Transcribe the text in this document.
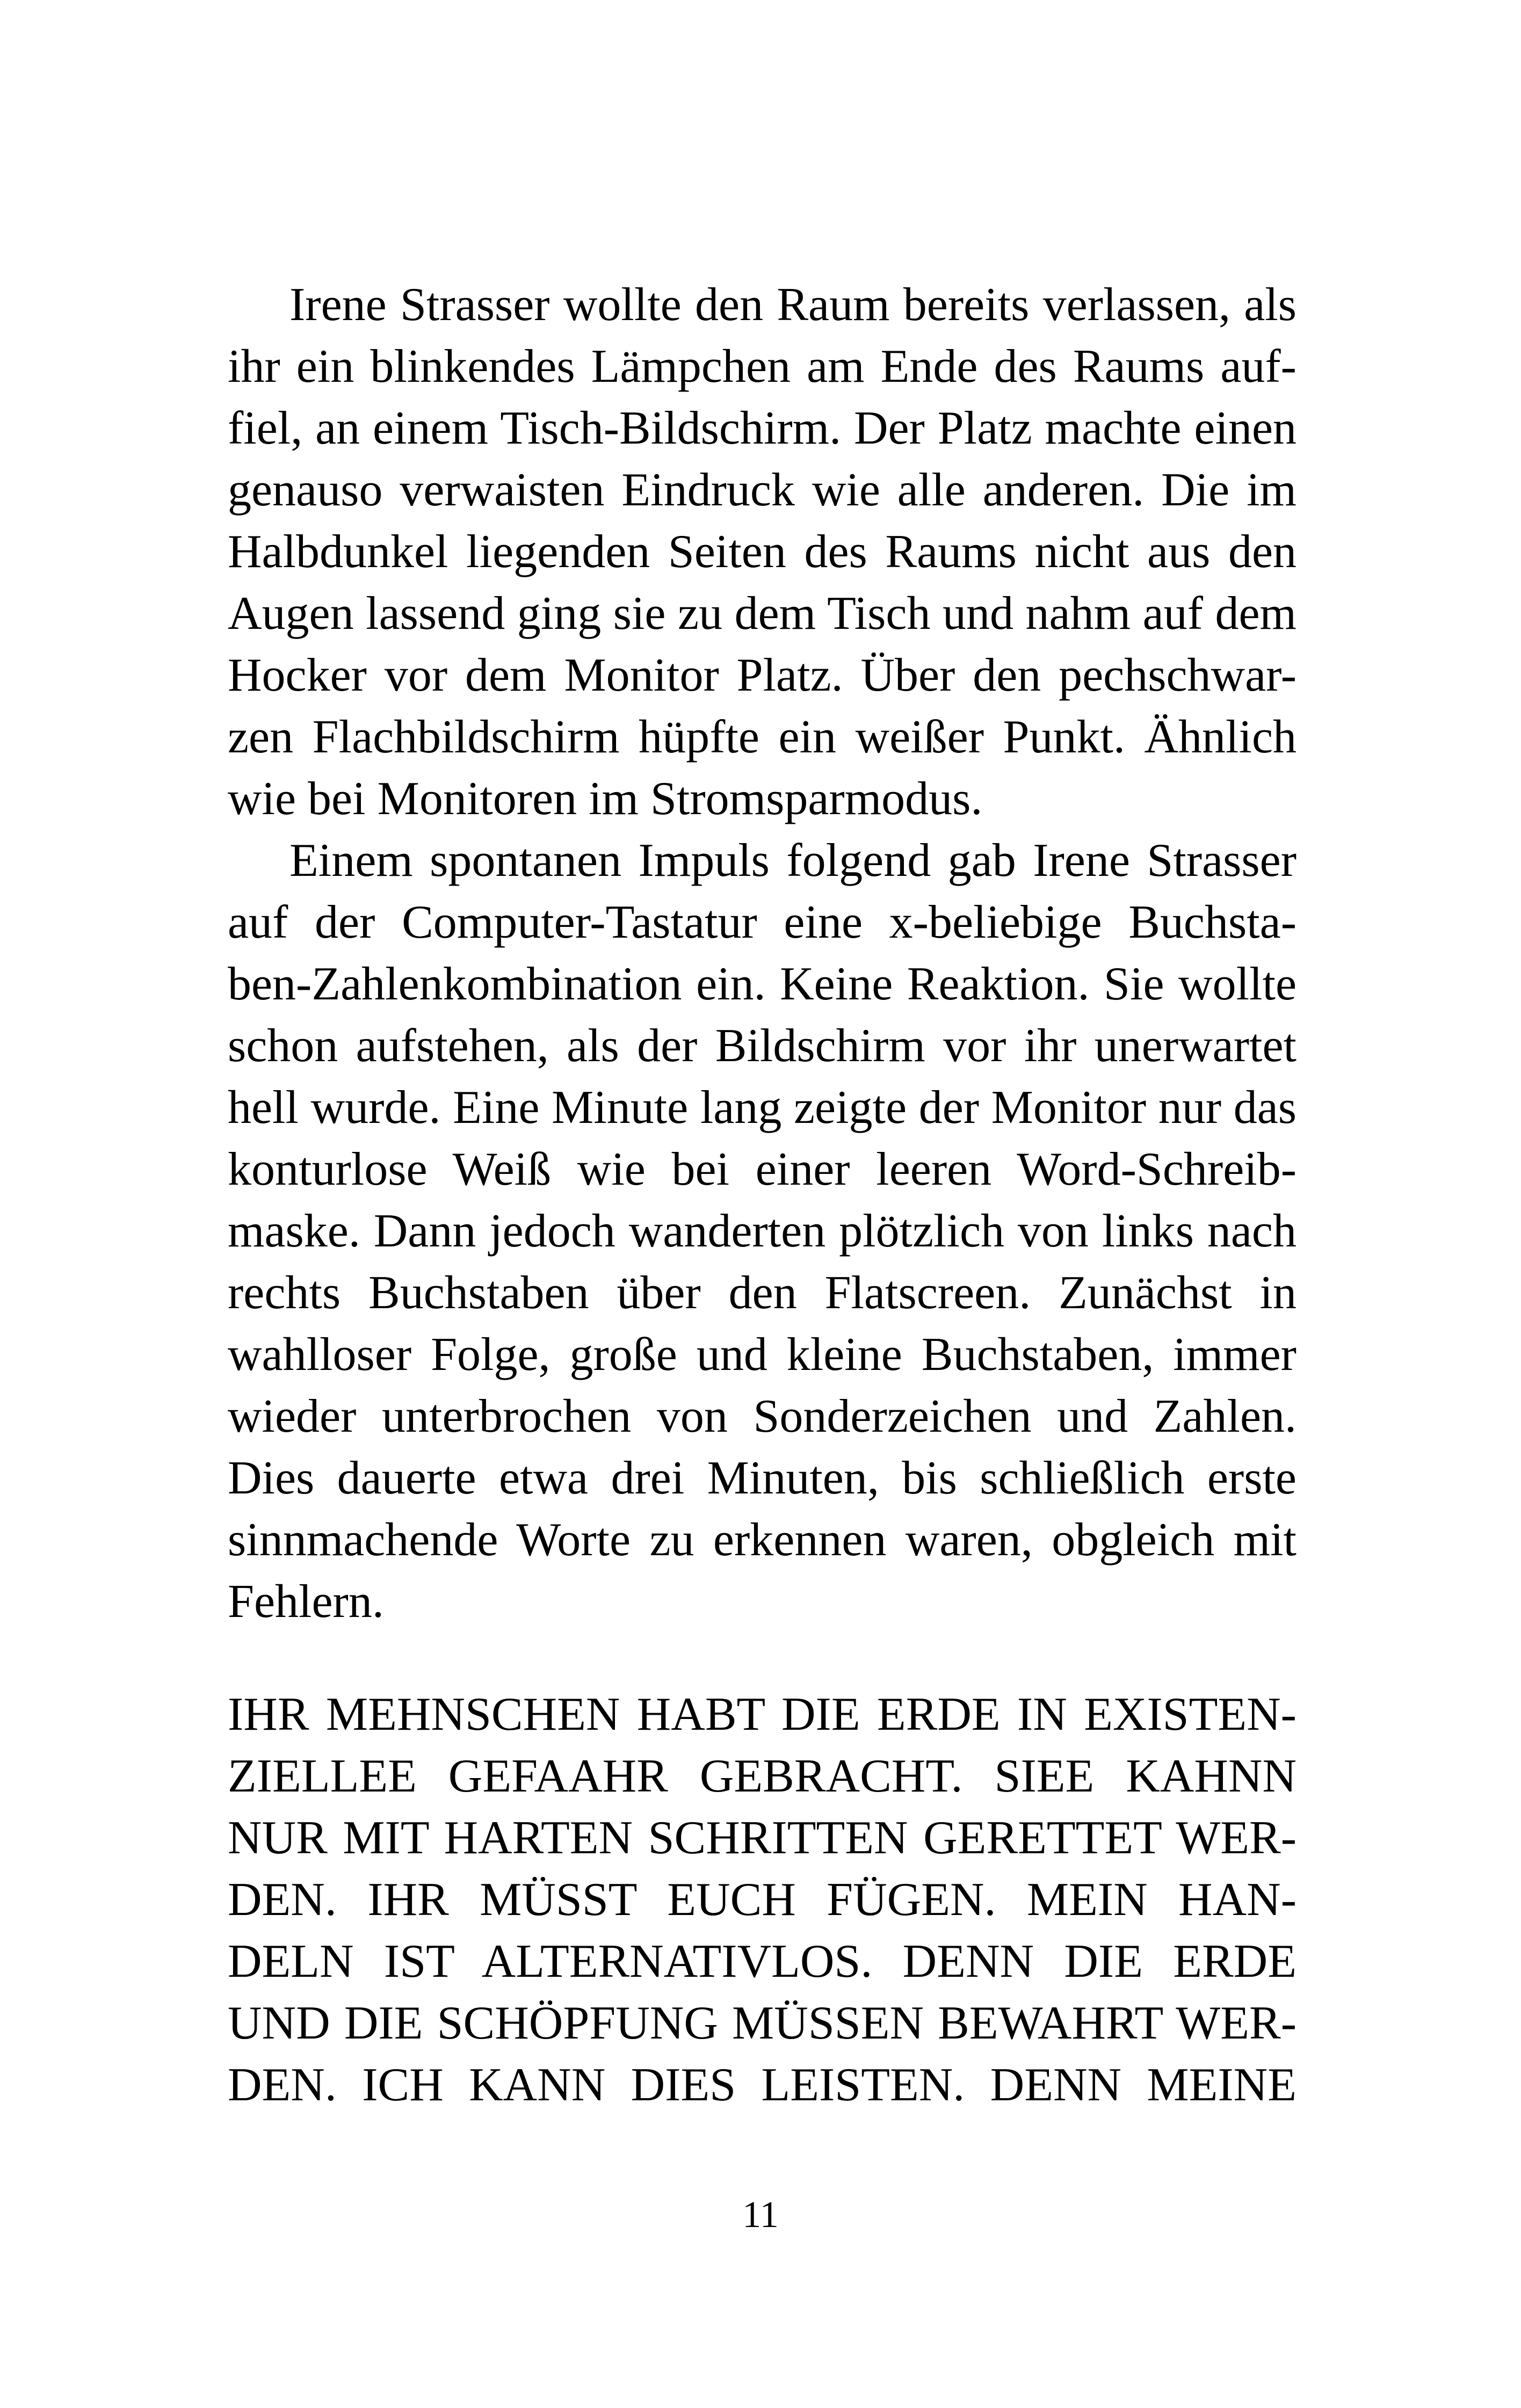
Irene Strasser wollte den Raum bereits verlassen, als
ihr ein blinkendes Lämpchen am Ende des Raums auf-
fiel, an einem Tisch-Bildschirm. Der Platz machte einen
genauso verwaisten Eindruck wie alle anderen. Die im
Halbdunkel liegenden Seiten des Raums nicht aus den
Augen lassend ging sie zu dem Tisch und nahm auf dem
Hocker vor dem Monitor Platz. Über den pechschwar-
zen Flachbildschirm hüpfte ein weißer Punkt. Ähnlich
wie bei Monitoren im Stromsparmodus.
Einem spontanen Impuls folgend gab Irene Strasser
auf der Computer-Tastatur eine x-beliebige Buchsta-
ben-Zahlenkombination ein. Keine Reaktion. Sie wollte
schon aufstehen, als der Bildschirm vor ihr unerwartet
hell wurde. Eine Minute lang zeigte der Monitor nur das
konturlose Weiß wie bei einer leeren Word-Schreib-
maske. Dann jedoch wanderten plötzlich von links nach
rechts Buchstaben über den Flatscreen. Zunächst in
wahlloser Folge, große und kleine Buchstaben, immer
wieder unterbrochen von Sonderzeichen und Zahlen.
Dies dauerte etwa drei Minuten, bis schließlich erste
sinnmachende Worte zu erkennen waren, obgleich mit
Fehlern.
IHR MEHNSCHEN HABT DIE ERDE IN EXISTEN-
ZIELLEE GEFAAHR GEBRACHT. SIEE KAHNN
NUR MIT HARTEN SCHRITTEN GERETTET WER-
DEN. IHR MÜSST EUCH FÜGEN. MEIN HAN-
DELN IST ALTERNATIVLOS. DENN DIE ERDE
UND DIE SCHÖPFUNG MÜSSEN BEWAHRT WER-
DEN. ICH KANN DIES LEISTEN. DENN MEINE
11
